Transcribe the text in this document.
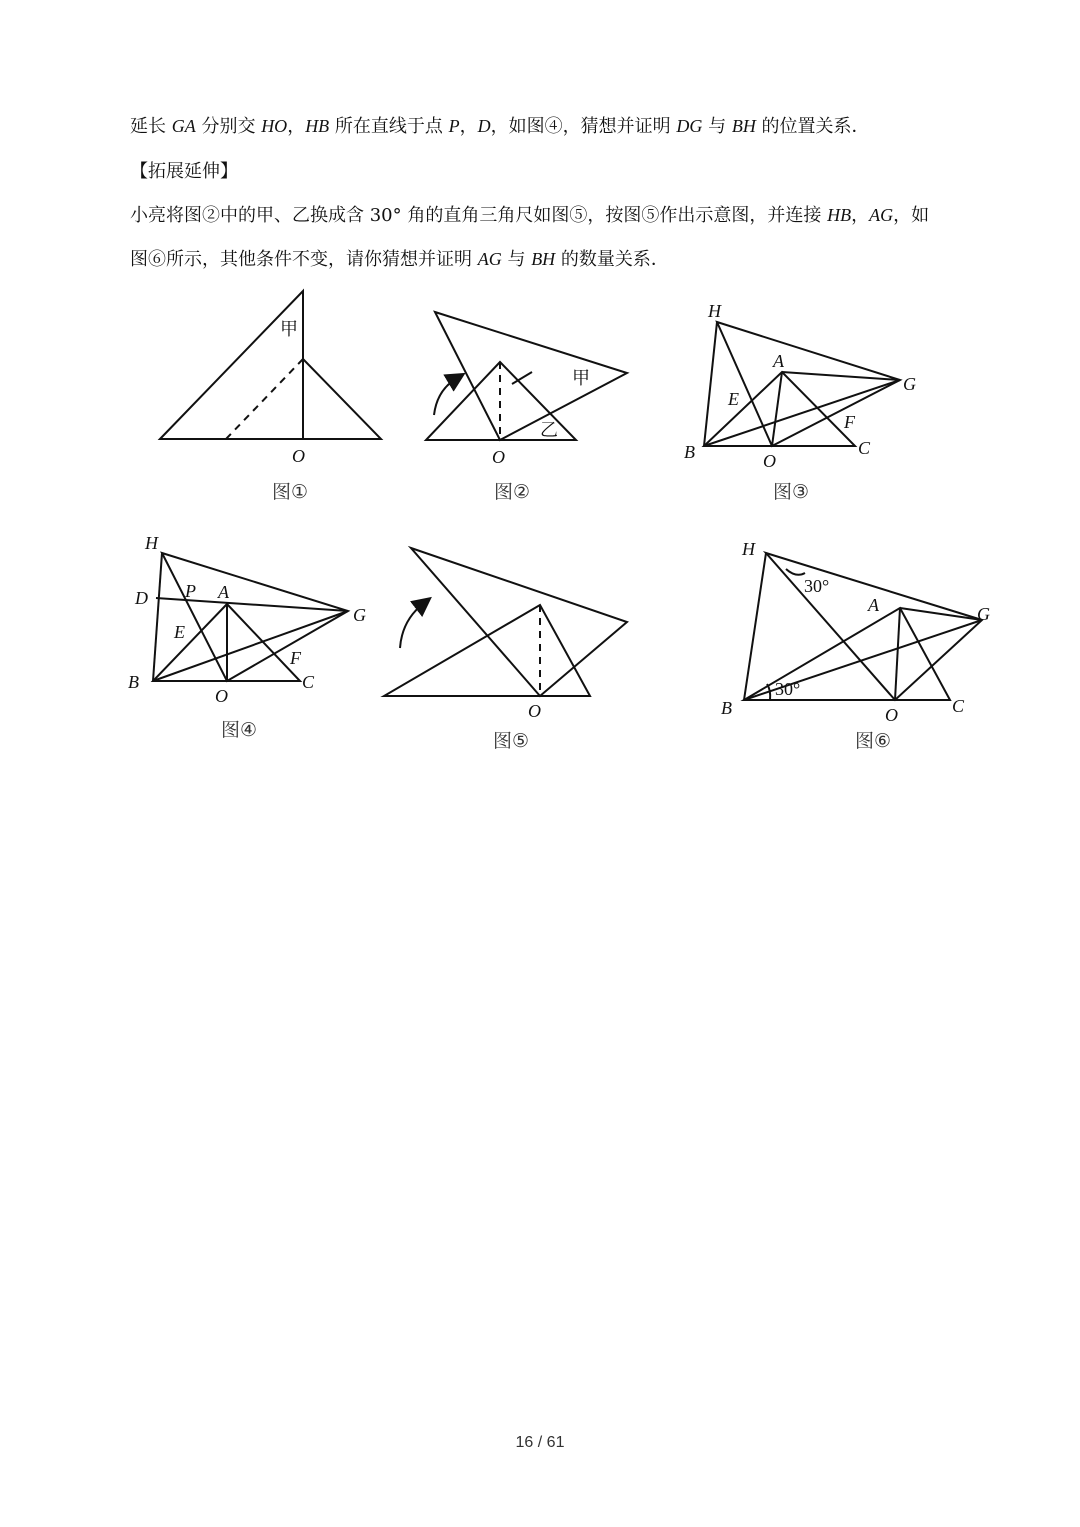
延长 GA 分别交 HO，HB 所在直线于点 P，D，如图④，猜想并证明 DG 与 BH 的位置关系．
【拓展延伸】
小亮将图②中的甲、乙换成含 30° 角的直角三角尺如图⑤，按图⑤作出示意图，并连接 HB，AG，如
图⑥所示，其他条件不变，请你猜想并证明 AG 与 BH 的数量关系．
甲
O
图①
甲
乙
O
图②
H
A
G
E
F
B	O
C
图③
H
D P A
G
E
F
B
O
C
图④
O
图⑤
H
30°
A	G
30°
B	O	C
图⑥
16 / 61
